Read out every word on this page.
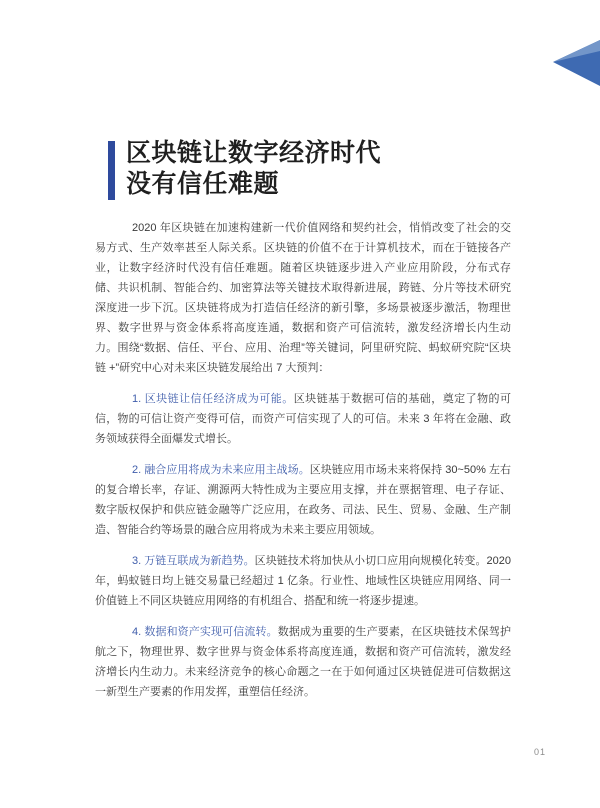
区块链让数字经济时代
没有信任难题

2020 年区块链在加速构建新一代价值网络和契约社会，悄悄改变了社会的交易方式、生产效率甚至人际关系。区块链的价值不在于计算机技术，而在于链接各产业，让数字经济时代没有信任难题。随着区块链逐步进入产业应用阶段，分布式存储、共识机制、智能合约、加密算法等关键技术取得新进展，跨链、分片等技术研究深度进一步下沉。区块链将成为打造信任经济的新引擎，多场景被逐步激活，物理世界、数字世界与资金体系将高度连通，数据和资产可信流转，激发经济增长内生动力。围绕“数据、信任、平台、应用、治理”等关键词，阿里研究院、蚂蚁研究院“区块链 +”研究中心对未来区块链发展给出 7 大预判：

1. 区块链让信任经济成为可能。区块链基于数据可信的基础，奠定了物的可信，物的可信让资产变得可信，而资产可信实现了人的可信。未来 3 年将在金融、政务领域获得全面爆发式增长。

2. 融合应用将成为未来应用主战场。区块链应用市场未来将保持 30~50% 左右的复合增长率，存证、溯源两大特性成为主要应用支撑，并在票据管理、电子存证、数字版权保护和供应链金融等广泛应用，在政务、司法、民生、贸易、金融、生产制造、智能合约等场景的融合应用将成为未来主要应用领域。

3. 万链互联成为新趋势。区块链技术将加快从小切口应用向规模化转变。2020 年，蚂蚁链日均上链交易量已经超过 1 亿条。行业性、地域性区块链应用网络、同一价值链上不同区块链应用网络的有机组合、搭配和统一将逐步提速。

4. 数据和资产实现可信流转。数据成为重要的生产要素，在区块链技术保驾护航之下，物理世界、数字世界与资金体系将高度连通，数据和资产可信流转，激发经济增长内生动力。未来经济竞争的核心命题之一在于如何通过区块链促进可信数据这一新型生产要素的作用发挥，重塑信任经济。

01
